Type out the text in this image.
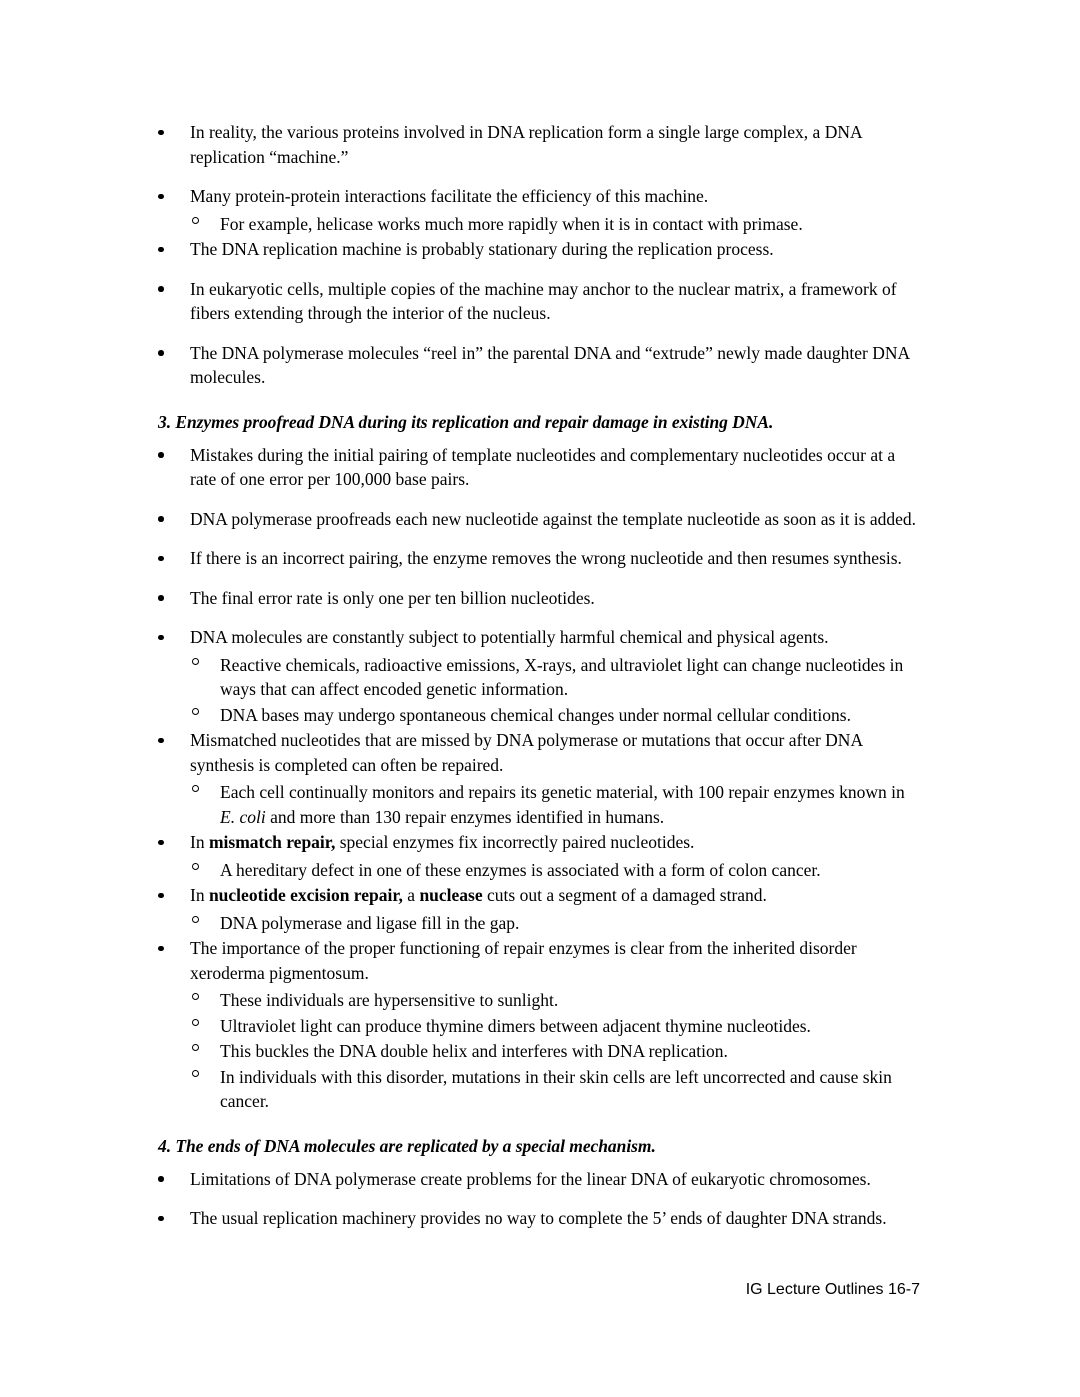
In reality, the various proteins involved in DNA replication form a single large complex, a DNA replication “machine.”
Many protein-protein interactions facilitate the efficiency of this machine.
For example, helicase works much more rapidly when it is in contact with primase.
The DNA replication machine is probably stationary during the replication process.
In eukaryotic cells, multiple copies of the machine may anchor to the nuclear matrix, a framework of fibers extending through the interior of the nucleus.
The DNA polymerase molecules “reel in” the parental DNA and “extrude” newly made daughter DNA molecules.
3. Enzymes proofread DNA during its replication and repair damage in existing DNA.
Mistakes during the initial pairing of template nucleotides and complementary nucleotides occur at a rate of one error per 100,000 base pairs.
DNA polymerase proofreads each new nucleotide against the template nucleotide as soon as it is added.
If there is an incorrect pairing, the enzyme removes the wrong nucleotide and then resumes synthesis.
The final error rate is only one per ten billion nucleotides.
DNA molecules are constantly subject to potentially harmful chemical and physical agents.
Reactive chemicals, radioactive emissions, X-rays, and ultraviolet light can change nucleotides in ways that can affect encoded genetic information.
DNA bases may undergo spontaneous chemical changes under normal cellular conditions.
Mismatched nucleotides that are missed by DNA polymerase or mutations that occur after DNA synthesis is completed can often be repaired.
Each cell continually monitors and repairs its genetic material, with 100 repair enzymes known in E. coli and more than 130 repair enzymes identified in humans.
In mismatch repair, special enzymes fix incorrectly paired nucleotides.
A hereditary defect in one of these enzymes is associated with a form of colon cancer.
In nucleotide excision repair, a nuclease cuts out a segment of a damaged strand.
DNA polymerase and ligase fill in the gap.
The importance of the proper functioning of repair enzymes is clear from the inherited disorder xeroderma pigmentosum.
These individuals are hypersensitive to sunlight.
Ultraviolet light can produce thymine dimers between adjacent thymine nucleotides.
This buckles the DNA double helix and interferes with DNA replication.
In individuals with this disorder, mutations in their skin cells are left uncorrected and cause skin cancer.
4. The ends of DNA molecules are replicated by a special mechanism.
Limitations of DNA polymerase create problems for the linear DNA of eukaryotic chromosomes.
The usual replication machinery provides no way to complete the 5’ ends of daughter DNA strands.
IG Lecture Outlines 16-7
